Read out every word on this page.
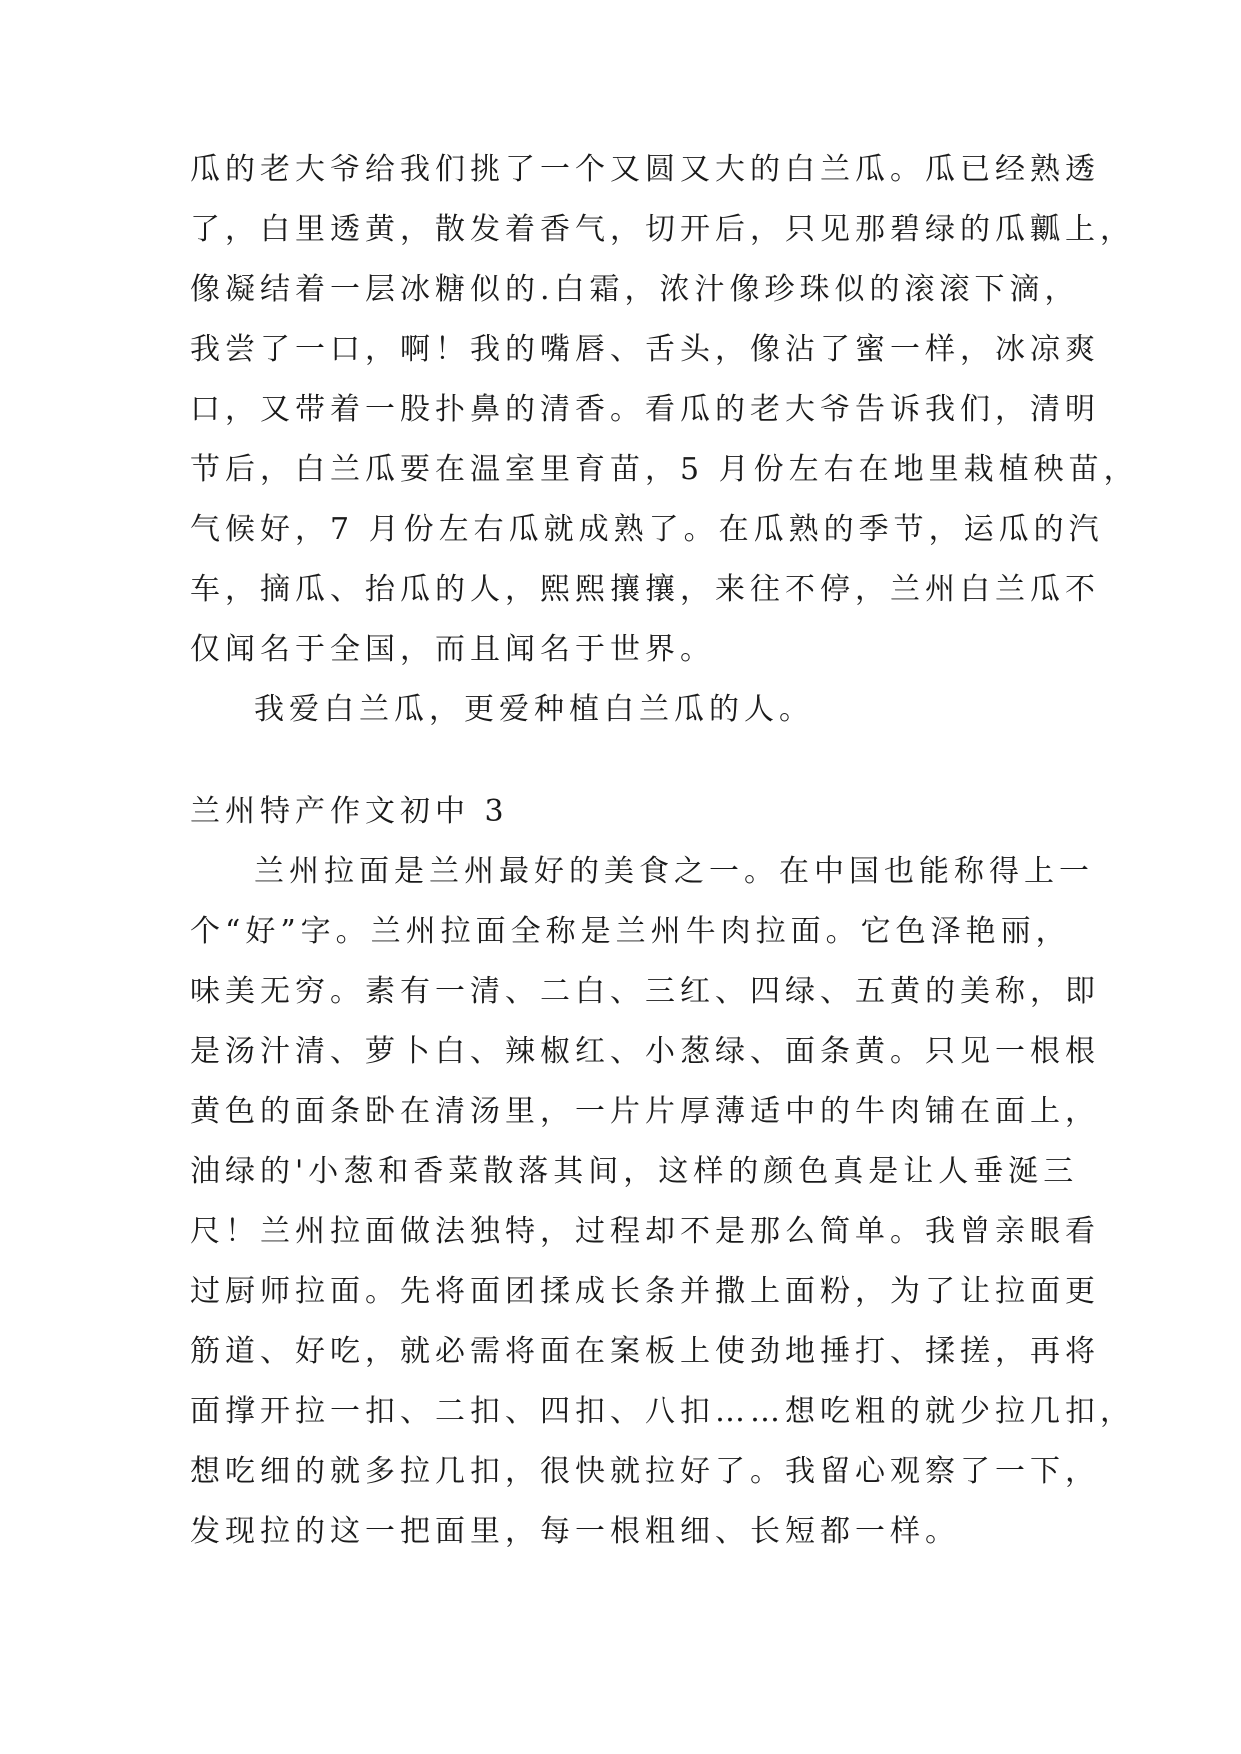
瓜的老大爷给我们挑了一个又圆又大的白兰瓜。瓜已经熟透
了，白里透黄，散发着香气，切开后，只见那碧绿的瓜瓤上，
像凝结着一层冰糖似的.白霜，浓汁像珍珠似的滚滚下滴，
我尝了一口，啊！我的嘴唇、舌头，像沾了蜜一样，冰凉爽
口，又带着一股扑鼻的清香。看瓜的老大爷告诉我们，清明
节后，白兰瓜要在温室里育苗，5 月份左右在地里栽植秧苗，
气候好，7 月份左右瓜就成熟了。在瓜熟的季节，运瓜的汽
车，摘瓜、抬瓜的人，熙熙攘攘，来往不停，兰州白兰瓜不
仅闻名于全国，而且闻名于世界。
我爱白兰瓜，更爱种植白兰瓜的人。
兰州特产作文初中 3
兰州拉面是兰州最好的美食之一。在中国也能称得上一
个“好”字。兰州拉面全称是兰州牛肉拉面。它色泽艳丽，
味美无穷。素有一清、二白、三红、四绿、五黄的美称，即
是汤汁清、萝卜白、辣椒红、小葱绿、面条黄。只见一根根
黄色的面条卧在清汤里，一片片厚薄适中的牛肉铺在面上，
油绿的'小葱和香菜散落其间，这样的颜色真是让人垂涎三
尺！兰州拉面做法独特，过程却不是那么简单。我曾亲眼看
过厨师拉面。先将面团揉成长条并撒上面粉，为了让拉面更
筋道、好吃，就必需将面在案板上使劲地捶打、揉搓，再将
面撑开拉一扣、二扣、四扣、八扣……想吃粗的就少拉几扣，
想吃细的就多拉几扣，很快就拉好了。我留心观察了一下，
发现拉的这一把面里，每一根粗细、长短都一样。
